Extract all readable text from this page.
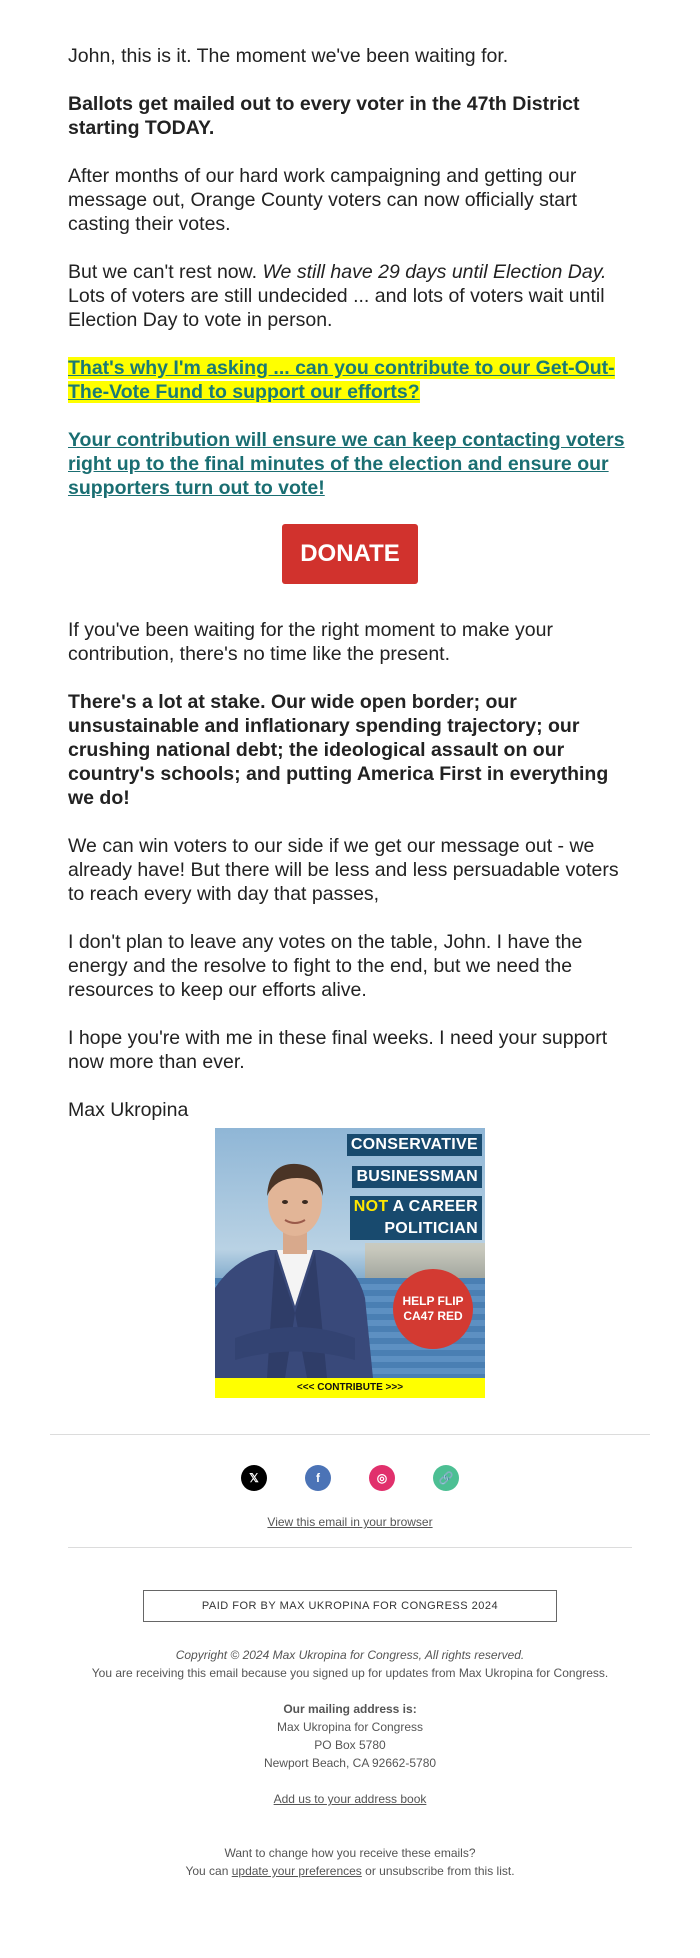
John, this is it. The moment we've been waiting for.

Ballots get mailed out to every voter in the 47th District starting TODAY.

After months of our hard work campaigning and getting our message out, Orange County voters can now officially start casting their votes.

But we can't rest now. We still have 29 days until Election Day. Lots of voters are still undecided ... and lots of voters wait until Election Day to vote in person.

That's why I'm asking ... can you contribute to our Get-Out-The-Vote Fund to support our efforts?

Your contribution will ensure we can keep contacting voters right up to the final minutes of the election and ensure our supporters turn out to vote!

DONATE

If you've been waiting for the right moment to make your contribution, there's no time like the present.

There's a lot at stake. Our wide open border; our unsustainable and inflationary spending trajectory; our crushing national debt; the ideological assault on our country's schools; and putting America First in everything we do!

We can win voters to our side if we get our message out - we already have! But there will be less and less persuadable voters to reach every with day that passes,

I don't plan to leave any votes on the table, John. I have the energy and the resolve to fight to the end, but we need the resources to keep our efforts alive.

I hope you're with me in these final weeks. I need your support now more than ever.

Max Ukropina

CONSERVATIVE
BUSINESSMAN
NOT A CAREER
POLITICIAN
HELP FLIP
CA47 RED
<<< CONTRIBUTE >>>
𝕏	f	◎	🔗
View this email in your browser
PAID FOR BY MAX UKROPINA FOR CONGRESS 2024
Copyright © 2024 Max Ukropina for Congress, All rights reserved.
You are receiving this email because you signed up for updates from Max Ukropina for Congress.
Our mailing address is:
Max Ukropina for Congress
PO Box 5780
Newport Beach, CA 92662-5780
Add us to your address book
Want to change how you receive these emails?
You can update your preferences or unsubscribe from this list.
